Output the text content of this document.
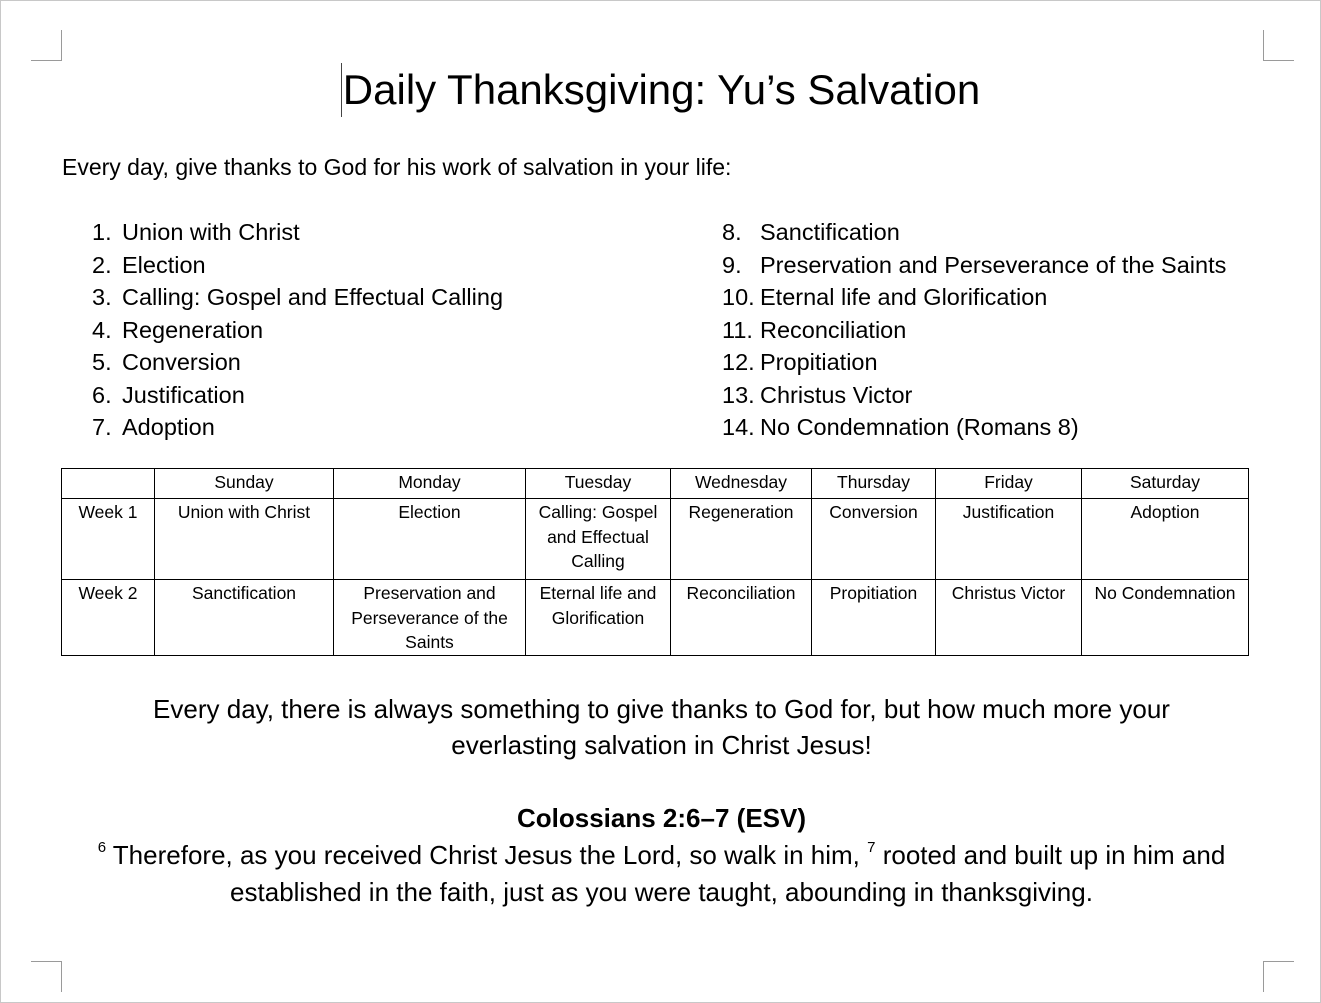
Daily Thanksgiving: Yu’s Salvation

Every day, give thanks to God for his work of salvation in your life:

1. Union with Christ
2. Election
3. Calling: Gospel and Effectual Calling
4. Regeneration
5. Conversion
6. Justification
7. Adoption
8. Sanctification
9. Preservation and Perseverance of the Saints
10. Eternal life and Glorification
11. Reconciliation
12. Propitiation
13. Christus Victor
14. No Condemnation (Romans 8)
	Sunday	Monday	Tuesday	Wednesday	Thursday	Friday	Saturday
Week 1	Union with Christ	Election	Calling: Gospel and Effectual Calling	Regeneration	Conversion	Justification	Adoption
Week 2	Sanctification	Preservation and Perseverance of the Saints	Eternal life and Glorification	Reconciliation	Propitiation	Christus Victor	No Condemnation

Every day, there is always something to give thanks to God for, but how much more your everlasting salvation in Christ Jesus!

Colossians 2:6–7 (ESV)

$^6$ Therefore, as you received Christ Jesus the Lord, so walk in him, $^7$ rooted and built up in him and established in the faith, just as you were taught, abounding in thanksgiving.
